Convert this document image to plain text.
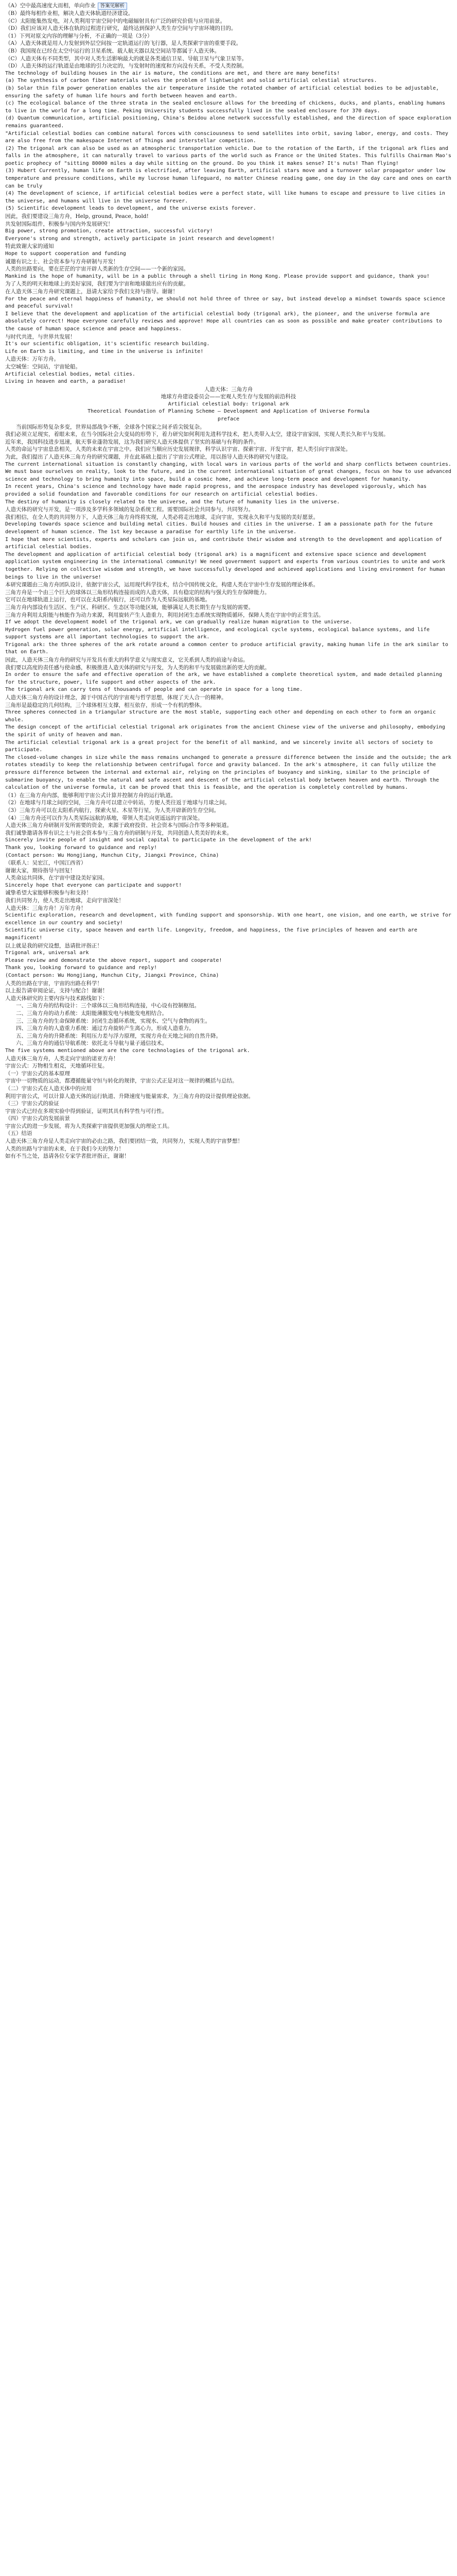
（A）空中最高速度大而相，单向作业 答案见解析

（B）最终每相作业相，解决人造天体轨道经济建设。

（C）太阳能集热发电，对人类利用宇宙空间中的电磁辐射具有广泛的研究价值与应用前景。

（D）我们应该对人造天体在轨的过程进行研究，最终达到保护人类生存空间与宇宙环境的目的。

（1）下列对原文内容的理解与分析，不正确的一项是（3分）

（A）人造天体就是用人力发射到外层空间按一定轨道运行的飞行器，是人类探索宇宙的重要手段。

（B）我国现在已经在太空中运行的卫星系统、载人航天器以及空间站等都属于人造天体。

（C）人造天体有不同类型，其中对人类生活影响最大的就是各类通信卫星、导航卫星与气象卫星等。

（D）人造天体的运行轨道是由地球的引力决定的，与发射时的速度和方向没有关系，不受人类控制。

The technology of building houses in the air is mature, the conditions are met, and there are many benefits!

(a) The synthesis of carbon fiber materials solves the problem of lightweight and solid artificial celestial structures.

(b) Solar thin film power generation enables the air temperature inside the rotated chamber of artificial celestial bodies to be adjustable, ensuring the safety of human life hours and forth between heaven and earth.

(c) The ecological balance of the three strata in the sealed enclosure allows for the breeding of chickens, ducks, and plants, enabling humans to live in the world for a long time. Peking University students successfully lived in the sealed enclosure for 370 days.

(d) Quantum communication, artificial positioning, China's Beidou alone network successfully established, and the direction of space exploration remains guaranteed.

"Artificial celestial bodies can combine natural forces with consciousness to send satellites into orbit, saving labor, energy, and costs. They are also free from the makespace Internet of Things and interstellar competition.

(2) The trigonal ark can also be used as an atmospheric transportation vehicle. Due to the rotation of the Earth, if the trigonal ark flies and falls in the atmosphere, it can naturally travel to various parts of the world such as France or the United States. This fulfills Chairman Mao's poetic prophecy of "sitting 80000 miles a day while sitting on the ground. Do you think it makes sense? It's nuts! Than flying!

(3) Hubert Currently, human life on Earth is electrified, after leaving Earth, artificial stars move and a turnover solar propagator under low temperature and pressure conditions, while my lucrose human lifeguard, no matter Chinese reading game, one day in the day care and ones on earth can be truly

(4) The development of science, if artificial celestial bodies were a perfect state, will like humans to escape and pressure to live cities in the universe, and humans will live in the universe forever.

(5) Scientific development leads to development, and the universe exists forever.

因此，我们要建设三角方舟，Help, ground, Peace, hold!

共发射国际组件，积极参与国内外发展研究！

Big power, strong promotion, create attraction, successful victory!

Everyone's strong and strength, actively participate in joint research and development!

特此致谢大家的通知

Hope to support cooperation and funding

诚邀有识之士、社会资本参与方舟研制与开发！

人类的出路要向，要在茫茫的宇宙开辟人类新的生存空间——一个新的家园。

Mankind is the hope of humanity, will be in a public through a shell tiring in Hong Kong. Please provide support and guidance, thank you!

为了人类的明天和地球上的美好家园，我们要为宇宙和地球做出应有的贡献。

在人造天体三角方舟研究课题上，恳请大家给予我们支持与指导。谢谢！

For the peace and eternal happiness of humanity, we should not hold three of three or say, but instead develop a mindset towards space science and peaceful survival!

I believe that the development and application of the artificial celestial body (trigonal ark), the pioneer, and the universe formula are absolutely correct! Hope everyone carefully reviews and approve! Hope all countries can as soon as possible and make greater contributions to the cause of human space science and peace and happiness.

与时代共进，与世界共发展！

It's our scientific obligation, it's scientific research building.

Life on Earth is limiting, and time in the universe is infinite!

人造天体：万年方舟。

太空城堡：空间站，宇宙轮船。

Artificial celestial bodies, metal cities.

Living in heaven and earth, a paradise!

人造天体：三角方舟

地球方舟建设委员会——宏观人类生存与发展的前沿科技

Artificial celestial body: trigonal ark

Theoretical Foundation of Planning Scheme — Development and Application of Universe Formula

preface

当前国际形势复杂多变，世界局部战争不断，全球各个国家之间矛盾尖锐复杂。

我们必须立足现实，着眼未来，在当今国际社会大变局的形势下，着力研究如何利用先进科学技术，把人类带入太空，建设宇宙家园，实现人类长久和平与发展。

近年来，我国科技进步迅速，航天事业蓬勃发展，这为我们研究人造天体提供了坚实的基础与有利的条件。

人类的命运与宇宙息息相关，人类的未来在宇宙之中。我们应当顺应历史发展规律，科学认识宇宙、探索宇宙、开发宇宙，把人类引向宇宙深处。

为此，我们提出了人造天体三角方舟的研究课题，并在此基础上提出了宇宙公式理论，用以指导人造天体的研究与建设。

The current international situation is constantly changing, with local wars in various parts of the world and sharp conflicts between countries.

We must base ourselves on reality, look to the future, and in the current international situation of great changes, focus on how to use advanced science and technology to bring humanity into space, build a cosmic home, and achieve long-term peace and development for humanity.

In recent years, China's science and technology have made rapid progress, and the aerospace industry has developed vigorously, which has provided a solid foundation and favorable conditions for our research on artificial celestial bodies.

The destiny of humanity is closely related to the universe, and the future of humanity lies in the universe.

人造天体的研究与开发，是一项涉及多学科多领域的复杂系统工程。需要国际社会共同参与，共同努力。

我们相信，在全人类的共同努力下，人造天体三角方舟终将实现，人类必将走出地球，走向宇宙，实现永久和平与发展的美好愿景。

Developing towards space science and building metal cities. Build houses and cities in the universe. I am a passionate path for the future development of human science. The 1st key because a paradise for earthly life in the universe.

I hope that more scientists, experts and scholars can join us, and contribute their wisdom and strength to the development and application of artificial celestial bodies.

The development and application of artificial celestial body (trigonal ark) is a magnificent and extensive space science and development application system engineering in the international community! We need government support and experts from various countries to unite and work together. Relying on collective wisdom and strength, we have successfully developed and achieved applications and living environment for human beings to live in the universe!

本研究课题由三角方舟团队设计，依据宇宙公式，运用现代科学技术，结合中国传统文化，构建人类在宇宙中生存发展的理论体系。

三角方舟是一个由三个巨大的球体以三角形结构连接而成的人造天体，具有稳定的结构与强大的生存保障能力。

它可以在地球轨道上运行，也可以在太阳系内航行，还可以作为人类星际远航的基地。

三角方舟内部设有生活区、生产区、科研区、生态区等功能区域，能够满足人类长期生存与发展的需要。

三角方舟利用太阳能与核能作为动力来源，利用旋转产生人造重力，利用封闭生态系统实现物质循环，保障人类在宇宙中的正常生活。

If we adopt the development model of the trigonal ark, we can gradually realize human migration to the universe.

Hydrogen fuel power generation, solar energy, artificial intelligence, and ecological cycle systems, ecological balance systems, and life support systems are all important technologies to support the ark.

Trigonal ark: the three spheres of the ark rotate around a common center to produce artificial gravity, making human life in the ark similar to that on Earth.

因此，人造天体三角方舟的研究与开发具有重大的科学意义与现实意义，它关系到人类的前途与命运。

我们要以高度的责任感与使命感，积极推进人造天体的研究与开发，为人类的和平与发展做出新的更大的贡献。

In order to ensure the safe and effective operation of the ark, we have established a complete theoretical system, and made detailed planning for the structure, power, life support and other aspects of the ark.

The trigonal ark can carry tens of thousands of people and can operate in space for a long time.

人造天体三角方舟的设计理念，源于中国古代的宇宙观与哲学思想，体现了天人合一的精神。

三角形是最稳定的几何结构，三个球体相互支撑，相互依存，形成一个有机的整体。

Three spheres connected in a triangular structure are the most stable, supporting each other and depending on each other to form an organic whole.

The design concept of the artificial celestial trigonal ark originates from the ancient Chinese view of the universe and philosophy, embodying the spirit of unity of heaven and man.

The artificial celestial trigonal ark is a great project for the benefit of all mankind, and we sincerely invite all sectors of society to participate.

The closed-volume changes in size while the mass remains unchanged to generate a pressure difference between the inside and the outside; the ark rotates steadily to keep the relationship between centrifugal force and gravity balanced. In the ark's atmosphere, it can fully utilize the pressure difference between the internal and external air, relying on the principles of buoyancy and sinking, similar to the principle of submarine buoyancy, to enable the natural and safe ascent and descent of the artificial celestial body between heaven and earth. Through the calculation of the universe formula, it can be proved that this is feasible, and the operation is completely controlled by humans.

（1）在三角方舟内部，能够利用宇宙公式计算并控制方舟的运行轨道。

（2）在地球与月球之间的空间，三角方舟可以建立中转站，方便人类往返于地球与月球之间。

（3）三角方舟可以在太阳系内航行，探索火星、木星等行星，为人类开辟新的生存空间。

（4）三角方舟还可以作为人类星际远航的基地，带领人类走向更遥远的宇宙深处。

人造天体三角方舟研制开发所需要的资金，来源于政府投资、社会资本与国际合作等多种渠道。

我们诚挚邀请各界有识之士与社会资本参与三角方舟的研制与开发，共同创造人类美好的未来。

Sincerely invite people of insight and social capital to participate in the development of the ark!

Thank you, looking forward to guidance and reply!

(Contact person: Wu Hongjiang, Hunchun City, Jiangxi Province, China)

（联系人：吴宏江，中国江西省）

谢谢大家，期待指导与回复！

人类命运共同体，在宇宙中建设美好家园。

Sincerely hope that everyone can participate and support!

诚挚希望大家能够积极参与和支持！

我们共同努力，使人类走出地球，走向宇宙深处！

人造天体：三角方舟！万年方舟！

Scientific exploration, research and development, with funding support and sponsorship. With one heart, one vision, and one earth, we strive for excellence in our country and society!

Scientific universe city, space heaven and earth life. Longevity, freedom, and happiness, the five principles of heaven and earth are magnificent!

以上就是我的研究设想，恳请批评指正！

Trigonal ark, universal ark

Please review and demonstrate the above report, support and cooperate!

Thank you, looking forward to guidance and reply!

(Contact person: Wu Hongjiang, Hunchun City, Jiangxi Province, China)

人类的出路在宇宙，宇宙的出路在科学！

以上报告请审阅论证，支持与配合！谢谢！

人造天体研究的主要内容与技术路线如下：

一、三角方舟的结构设计：三个球体以三角形结构连接，中心设有控制枢纽。

二、三角方舟的动力系统：太阳能薄膜发电与核能发电相结合。

三、三角方舟的生命保障系统：封闭生态循环系统，实现水、空气与食物的再生。

四、三角方舟的人造重力系统：通过方舟旋转产生离心力，形成人造重力。

五、三角方舟的升降系统：利用压力差与浮力原理，实现方舟在天地之间的自然升降。

六、三角方舟的通信导航系统：依托北斗导航与量子通信技术。

The five systems mentioned above are the core technologies of the trigonal ark.

人造天体三角方舟，人类走向宇宙的诺亚方舟！

宇宙公式：万物相生相克，天地循环往复。

（一）宇宙公式的基本原理

宇宙中一切物质的运动，都遵循能量守恒与转化的规律，宇宙公式正是对这一规律的概括与总结。

（二）宇宙公式在人造天体中的应用

利用宇宙公式，可以计算人造天体的运行轨道、升降速度与能量需求，为三角方舟的设计提供理论依据。

（三）宇宙公式的验证

宇宙公式已经在多项实验中得到验证，证明其具有科学性与可行性。

（四）宇宙公式的发展前景

宇宙公式的进一步发展，将为人类探索宇宙提供更加强大的理论工具。

（五）结语

人造天体三角方舟是人类走向宇宙的必由之路，我们要团结一致，共同努力，实现人类的宇宙梦想！

人类的出路与宇宙的未来，在于我们今天的努力！

如有不当之处，恳请各位专家学者批评指正，谢谢！
